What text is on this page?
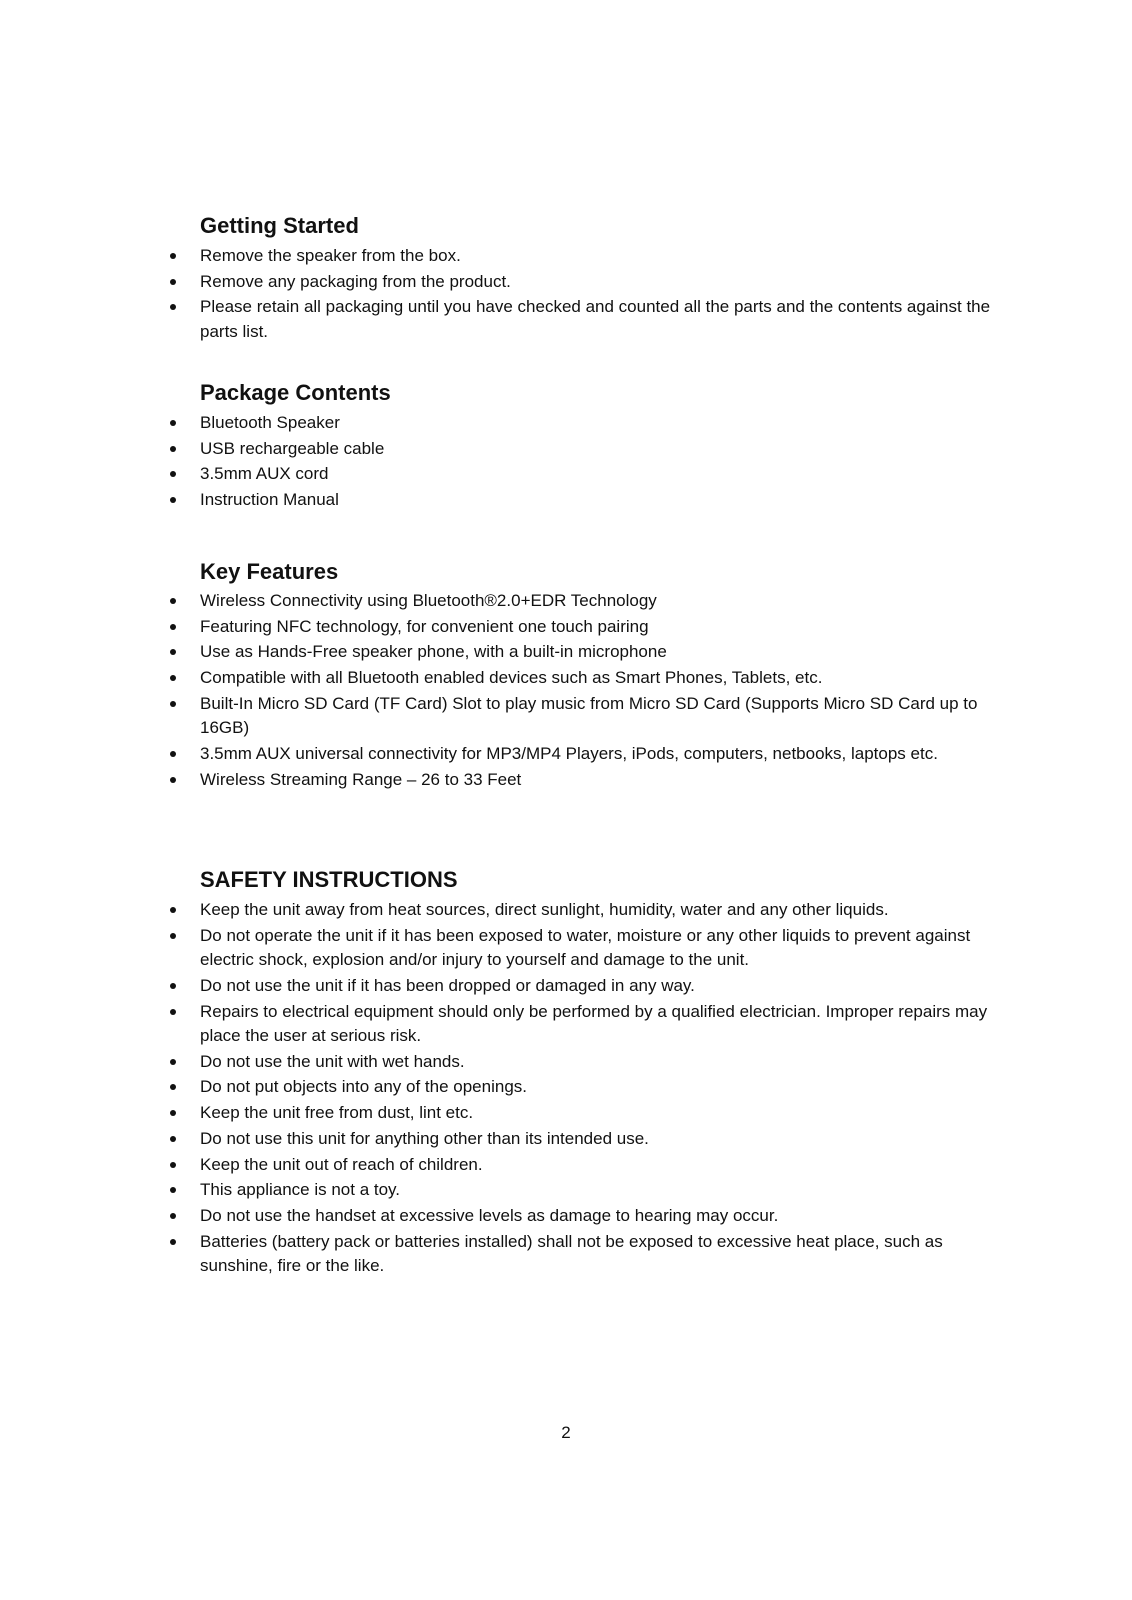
Getting Started
Remove the speaker from the box.
Remove any packaging from the product.
Please retain all packaging until you have checked and counted all the parts and the contents against the parts list.
Package Contents
Bluetooth Speaker
USB rechargeable cable
3.5mm AUX cord
Instruction Manual
Key Features
Wireless Connectivity using Bluetooth®2.0+EDR Technology
Featuring NFC technology, for convenient one touch pairing
Use as Hands-Free speaker phone, with a built-in microphone
Compatible with all Bluetooth enabled devices such as Smart Phones, Tablets, etc.
Built-In Micro SD Card (TF Card) Slot to play music from Micro SD Card (Supports Micro SD Card up to 16GB)
3.5mm AUX universal connectivity for MP3/MP4 Players, iPods, computers, netbooks, laptops etc.
Wireless Streaming Range – 26 to 33 Feet
SAFETY INSTRUCTIONS
Keep the unit away from heat sources, direct sunlight, humidity, water and any other liquids.
Do not operate the unit if it has been exposed to water, moisture or any other liquids to prevent against electric shock, explosion and/or injury to yourself and damage to the unit.
Do not use the unit if it has been dropped or damaged in any way.
Repairs to electrical equipment should only be performed by a qualified electrician. Improper repairs may place the user at serious risk.
Do not use the unit with wet hands.
Do not put objects into any of the openings.
Keep the unit free from dust, lint etc.
Do not use this unit for anything other than its intended use.
Keep the unit out of reach of children.
This appliance is not a toy.
Do not use the handset at excessive levels as damage to hearing may occur.
Batteries (battery pack or batteries installed) shall not be exposed to excessive heat place, such as sunshine, fire or the like.
2
